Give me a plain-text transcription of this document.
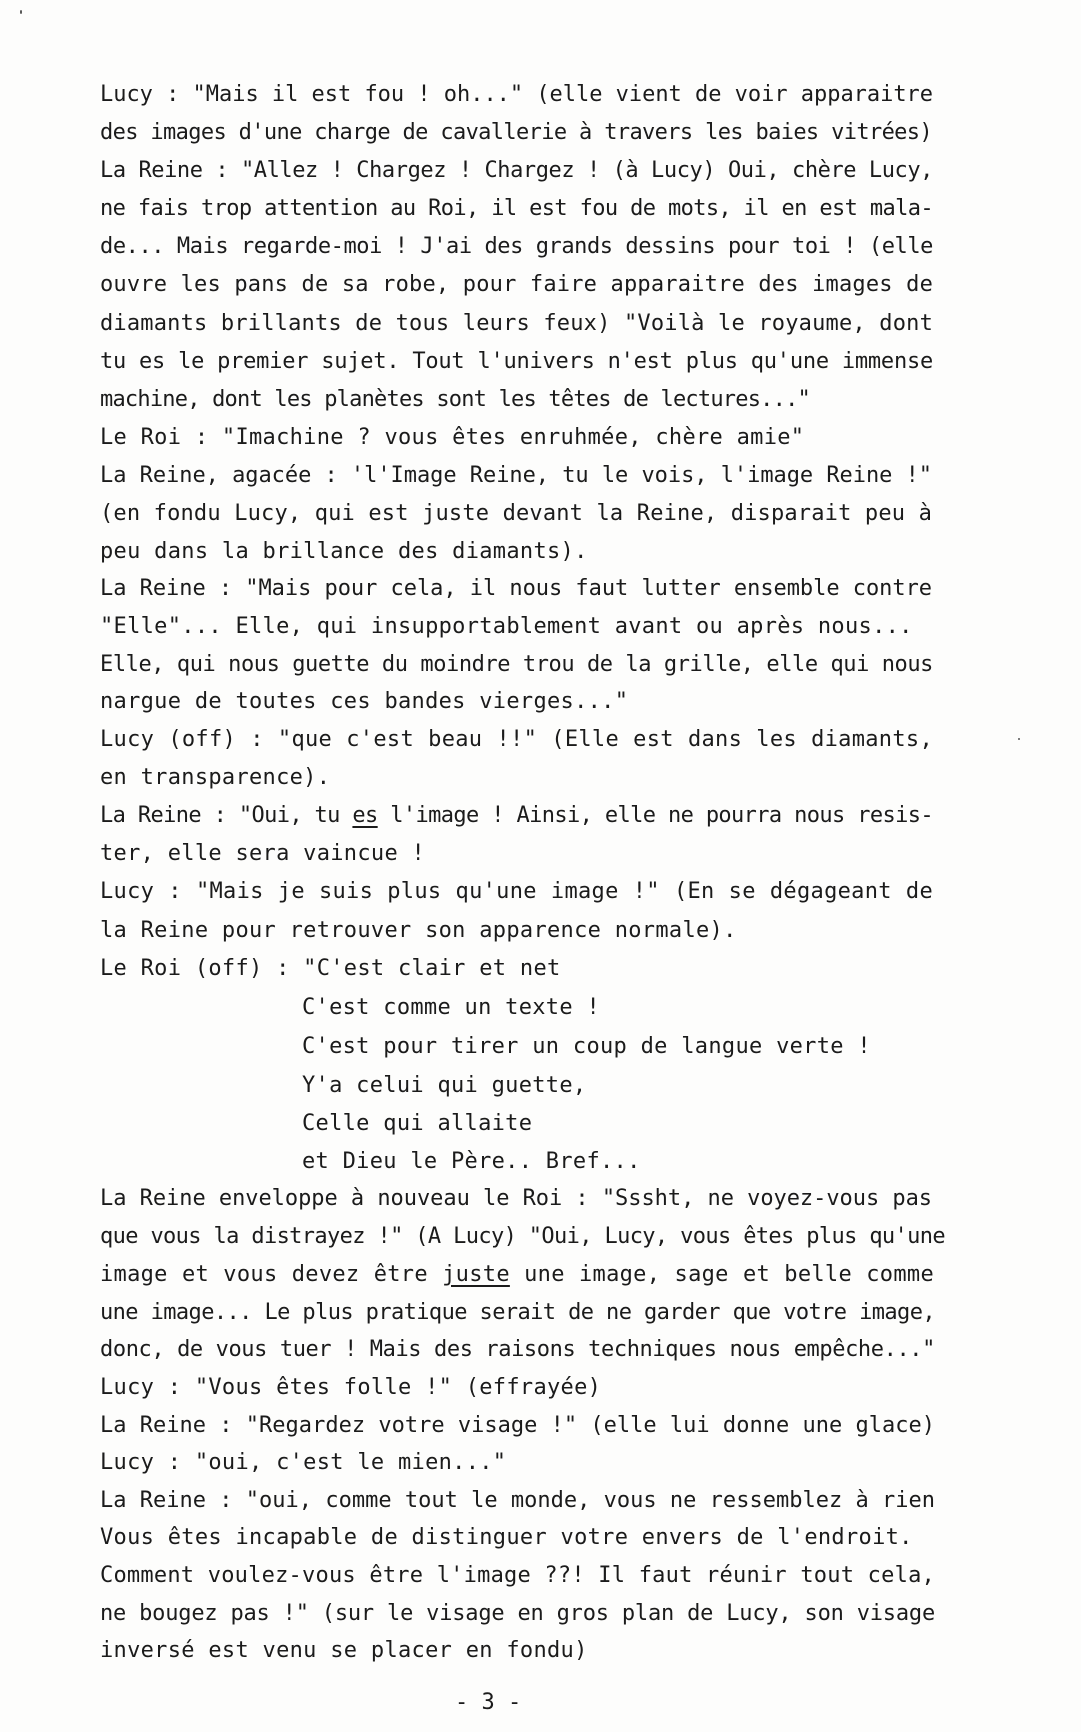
Lucy : "Mais il est fou ! oh..." (elle vient de voir apparaitre
des images d'une charge de cavallerie à travers les baies vitrées)
La Reine : "Allez ! Chargez ! Chargez ! (à Lucy) Oui, chère Lucy,
ne fais trop attention au Roi, il est fou de mots, il en est mala-
de... Mais regarde-moi ! J'ai des grands dessins pour toi ! (elle
ouvre les pans de sa robe, pour faire apparaitre des images de
diamants brillants de tous leurs feux) "Voilà le royaume, dont
tu es le premier sujet. Tout l'univers n'est plus qu'une immense
machine, dont les planètes sont les têtes de lectures..."
Le Roi : "Imachine ? vous êtes enruhmée, chère amie"
La Reine, agacée : 'l'Image Reine, tu le vois, l'image Reine !"
(en fondu Lucy, qui est juste devant la Reine, disparait peu à
peu dans la brillance des diamants).
La Reine : "Mais pour cela, il nous faut lutter ensemble contre
"Elle"... Elle, qui insupportablement avant ou après nous...
Elle, qui nous guette du moindre trou de la grille, elle qui nous
nargue de toutes ces bandes vierges..."
Lucy (off) : "que c'est beau !!" (Elle est dans les diamants,
en transparence).
La Reine : "Oui, tu es l'image ! Ainsi, elle ne pourra nous resis-
ter, elle sera vaincue !
Lucy : "Mais je suis plus qu'une image !" (En se dégageant de
la Reine pour retrouver son apparence normale).
Le Roi (off) : "C'est clair et net
C'est comme un texte !
C'est pour tirer un coup de langue verte !
Y'a celui qui guette,
Celle qui allaite
et Dieu le Père.. Bref...
La Reine enveloppe à nouveau le Roi : "Sssht, ne voyez-vous pas
que vous la distrayez !" (A Lucy) "Oui, Lucy, vous êtes plus qu'une
image et vous devez être juste une image, sage et belle comme
une image... Le plus pratique serait de ne garder que votre image,
donc, de vous tuer ! Mais des raisons techniques nous empêche..."
Lucy : "Vous êtes folle !" (effrayée)
La Reine : "Regardez votre visage !" (elle lui donne une glace)
Lucy : "oui, c'est le mien..."
La Reine : "oui, comme tout le monde, vous ne ressemblez à rien
Vous êtes incapable de distinguer votre envers de l'endroit.
Comment voulez-vous être l'image ??! Il faut réunir tout cela,
ne bougez pas !" (sur le visage en gros plan de Lucy, son visage
inversé est venu se placer en fondu)
- 3 -
